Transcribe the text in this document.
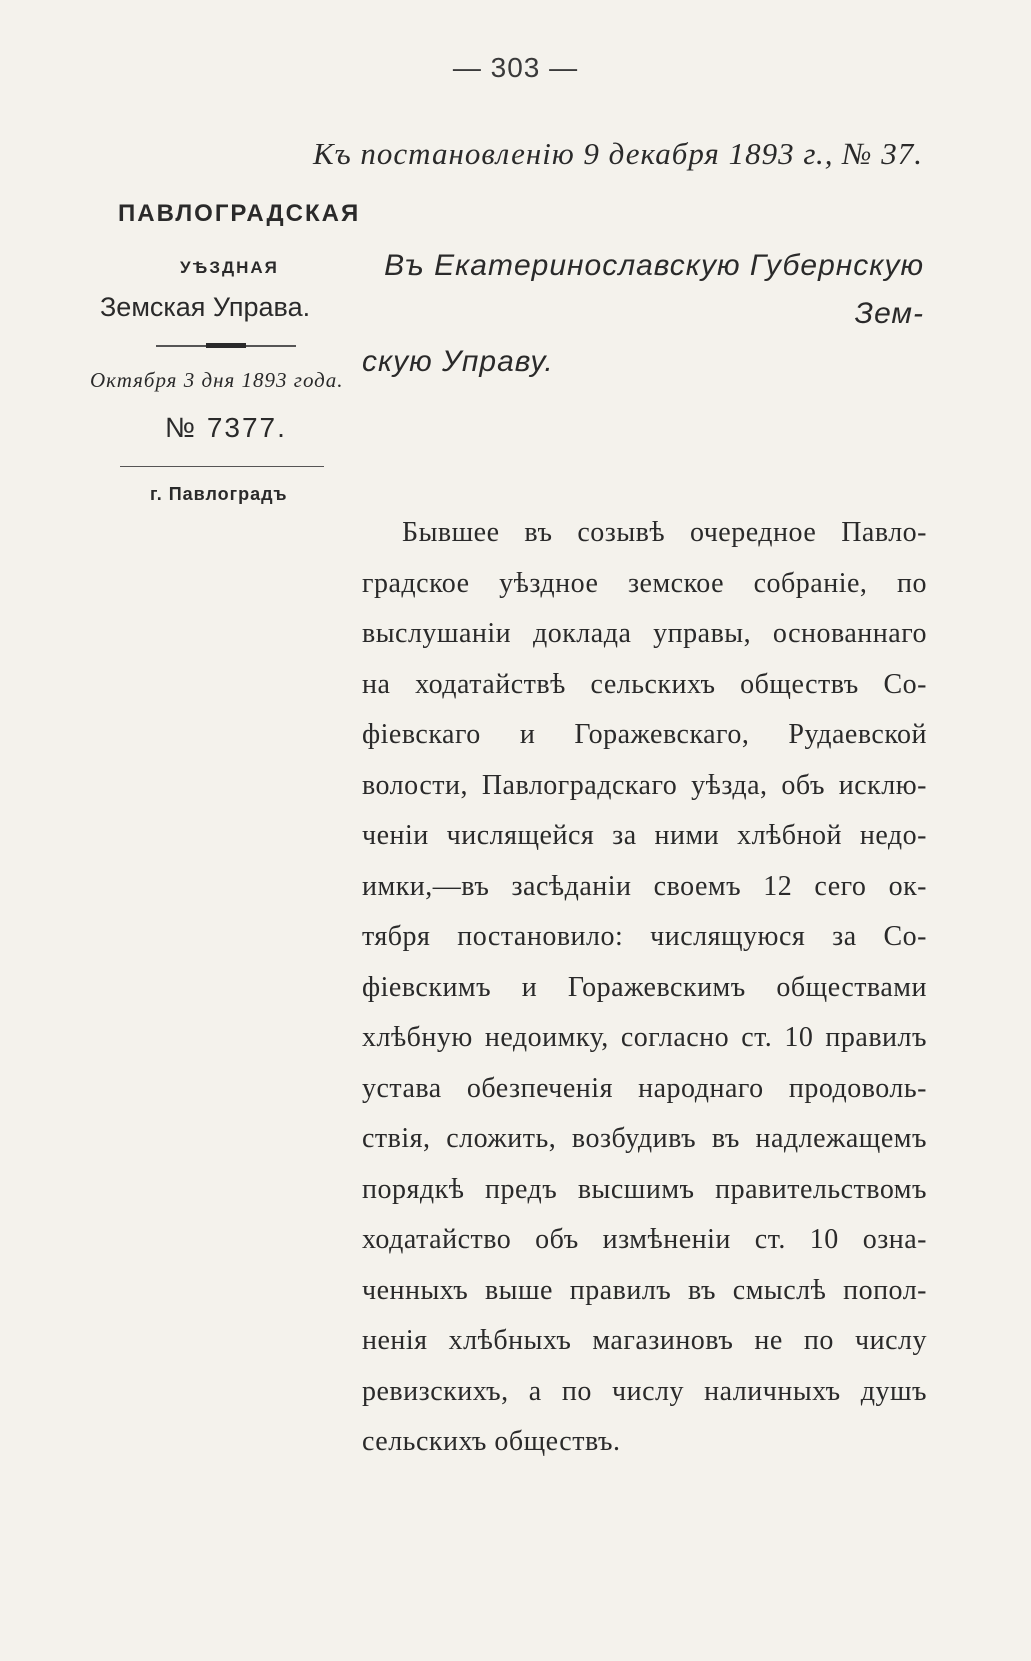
— 303 —
Къ постановленію 9 декабря 1893 г., № 37.
ПАВЛОГРАДСКАЯ
УѢЗДНАЯ
Земская Управа.
Октября 3 дня 1893 года.
№ 7377.
г. Павлоградъ
Въ Екатеринославскую Губернскую Зем-
скую Управу.
Бывшее въ созывѣ очередное Павло-
градское уѣздное земское собраніе, по
выслушаніи доклада управы, основаннаго
на ходатайствѣ сельскихъ обществъ Со-
фіевскаго и Горажевскаго, Рудаевской
волости, Павлоградскаго уѣзда, объ исклю-
ченіи числящейся за ними хлѣбной недо-
имки,—въ засѣданіи своемъ 12 сего ок-
тября постановило: числящуюся за Со-
фіевскимъ и Горажевскимъ обществами
хлѣбную недоимку, согласно ст. 10 правилъ
устава обезпеченія народнаго продоволь-
ствія, сложить, возбудивъ въ надлежащемъ
порядкѣ предъ высшимъ правительствомъ
ходатайство объ измѣненіи ст. 10 озна-
ченныхъ выше правилъ въ смыслѣ попол-
ненія хлѣбныхъ магазиновъ не по числу
ревизскихъ, а по числу наличныхъ душъ
сельскихъ обществъ.
